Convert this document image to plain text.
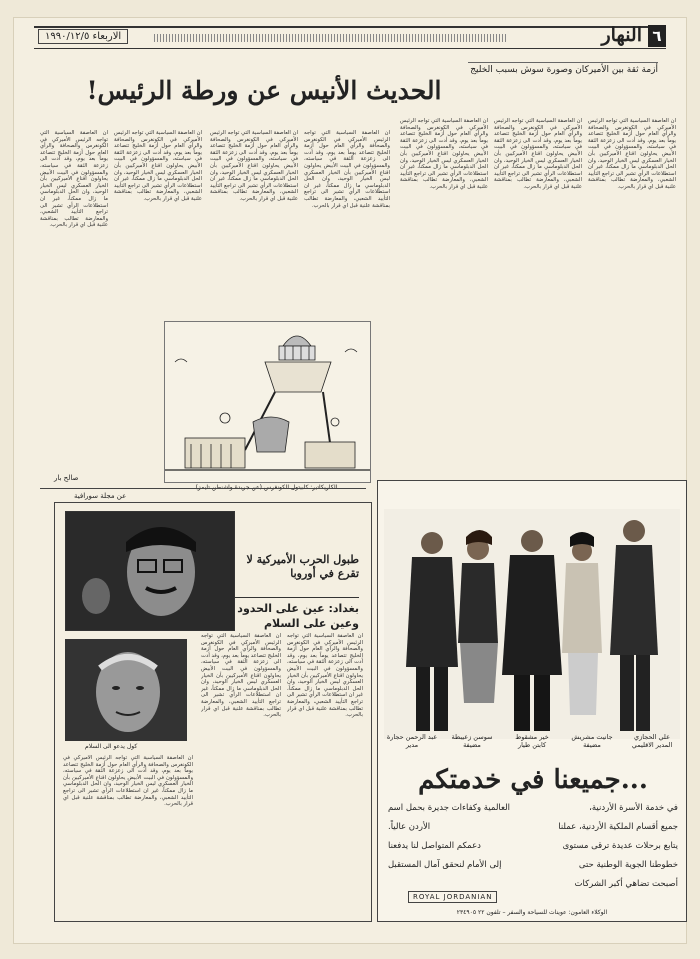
الاربعاء ١٩٩٠/١٢/٥	النهار ٦
أزمة ثقة بين الأميركان وصورة سوش بسبب الخليج
الحديث الأنيس عن ورطة الرئيس!

ان العاصفة السياسية التي تواجه الرئيس الأميركي في الكونغرس والصحافة والرأي العام حول أزمة الخليج تتصاعد يوماً بعد يوم، وقد أدت الى زعزعة الثقة في سياسته، والمسؤولون في البيت الأبيض يحاولون اقناع الأميركيين بأن الخيار العسكري ليس الخيار الوحيد، وان الحل الدبلوماسي ما زال ممكناً، غير ان استطلاعات الرأي تشير الى تراجع التأييد الشعبي، والمعارضة تطالب بمناقشة علنية قبل اي قرار بالحرب.

ان العاصفة السياسية التي تواجه الرئيس الأميركي في الكونغرس والصحافة والرأي العام حول أزمة الخليج تتصاعد يوماً بعد يوم، وقد أدت الى زعزعة الثقة في سياسته، والمسؤولون في البيت الأبيض يحاولون اقناع الأميركيين بأن الخيار العسكري ليس الخيار الوحيد، وان الحل الدبلوماسي ما زال ممكناً، غير ان استطلاعات الرأي تشير الى تراجع التأييد الشعبي، والمعارضة تطالب بمناقشة علنية قبل اي قرار بالحرب.

ان العاصفة السياسية التي تواجه الرئيس الأميركي في الكونغرس والصحافة والرأي العام حول أزمة الخليج تتصاعد يوماً بعد يوم، وقد أدت الى زعزعة الثقة في سياسته، والمسؤولون في البيت الأبيض يحاولون اقناع الأميركيين بأن الخيار العسكري ليس الخيار الوحيد، وان الحل الدبلوماسي ما زال ممكناً، غير ان استطلاعات الرأي تشير الى تراجع التأييد الشعبي، والمعارضة تطالب بمناقشة علنية قبل اي قرار بالحرب.

ان العاصفة السياسية التي تواجه الرئيس الأميركي في الكونغرس والصحافة والرأي العام حول أزمة الخليج تتصاعد يوماً بعد يوم، وقد أدت الى زعزعة الثقة في سياسته، والمسؤولون في البيت الأبيض يحاولون اقناع الأميركيين بأن الخيار العسكري ليس الخيار الوحيد، وان الحل الدبلوماسي ما زال ممكناً، غير ان استطلاعات الرأي تشير الى تراجع التأييد الشعبي، والمعارضة تطالب بمناقشة علنية قبل اي قرار بالحرب.

ان العاصفة السياسية التي تواجه الرئيس الأميركي في الكونغرس والصحافة والرأي العام حول أزمة الخليج تتصاعد يوماً بعد يوم، وقد أدت الى زعزعة الثقة في سياسته، والمسؤولون في البيت الأبيض يحاولون اقناع الأميركيين بأن الخيار العسكري ليس الخيار الوحيد، وان الحل الدبلوماسي ما زال ممكناً، غير ان استطلاعات الرأي تشير الى تراجع التأييد الشعبي، والمعارضة تطالب بمناقشة علنية قبل اي قرار بالحرب.

ان العاصفة السياسية التي تواجه الرئيس الأميركي في الكونغرس والصحافة والرأي العام حول أزمة الخليج تتصاعد يوماً بعد يوم، وقد أدت الى زعزعة الثقة في سياسته، والمسؤولون في البيت الأبيض يحاولون اقناع الأميركيين بأن الخيار العسكري ليس الخيار الوحيد، وان الحل الدبلوماسي ما زال ممكناً، غير ان استطلاعات الرأي تشير الى تراجع التأييد الشعبي، والمعارضة تطالب بمناقشة علنية قبل اي قرار بالحرب.

ان العاصفة السياسية التي تواجه الرئيس الأميركي في الكونغرس والصحافة والرأي العام حول أزمة الخليج تتصاعد يوماً بعد يوم، وقد أدت الى زعزعة الثقة في سياسته، والمسؤولون في البيت الأبيض يحاولون اقناع الأميركيين بأن الخيار العسكري ليس الخيار الوحيد، وان الحل الدبلوماسي ما زال ممكناً، غير ان استطلاعات الرأي تشير الى تراجع التأييد الشعبي، والمعارضة تطالب بمناقشة علنية قبل اي قرار بالحرب.

صالح بار
عن مجلة سورافية
طبول الحرب الأميركية لا تقرع في أوروبا
بغداد: عين على الحدود وعين على السلام
كول يدعو الى السلام

ان العاصفة السياسية التي تواجه الرئيس الأميركي في الكونغرس والصحافة والرأي العام حول أزمة الخليج تتصاعد يوماً بعد يوم، وقد أدت الى زعزعة الثقة في سياسته، والمسؤولون في البيت الأبيض يحاولون اقناع الأميركيين بأن الخيار العسكري ليس الخيار الوحيد، وان الحل الدبلوماسي ما زال ممكناً، غير ان استطلاعات الرأي تشير الى تراجع التأييد الشعبي، والمعارضة تطالب بمناقشة علنية قبل اي قرار بالحرب.

ان العاصفة السياسية التي تواجه الرئيس الأميركي في الكونغرس والصحافة والرأي العام حول أزمة الخليج تتصاعد يوماً بعد يوم، وقد أدت الى زعزعة الثقة في سياسته، والمسؤولون في البيت الأبيض يحاولون اقناع الأميركيين بأن الخيار العسكري ليس الخيار الوحيد، وان الحل الدبلوماسي ما زال ممكناً، غير ان استطلاعات الرأي تشير الى تراجع التأييد الشعبي، والمعارضة تطالب بمناقشة علنية قبل اي قرار بالحرب.

ان العاصفة السياسية التي تواجه الرئيس الأميركي في الكونغرس والصحافة والرأي العام حول أزمة الخليج تتصاعد يوماً بعد يوم، وقد أدت الى زعزعة الثقة في سياسته، والمسؤولون في البيت الأبيض يحاولون اقناع الأميركيين بأن الخيار العسكري ليس الخيار الوحيد، وان الحل الدبلوماسي ما زال ممكناً، غير ان استطلاعات الرأي تشير الى تراجع التأييد الشعبي، والمعارضة تطالب بمناقشة علنية قبل اي قرار بالحرب.

علي الحجازي
المدير الاقليمي
جانيت مشريش
مضيفة
خير مشقوط
كابتن طيار
سوسن زعيبطة
مضيفة
عبد الرحمن حجارة
مدير
...جميعنا في خدمتكم
في خدمة الأسرة الأردنية،
العالمية وكفاءات جديرة بحمل اسم
جميع أقسام الملكية الأردنية، عملنا
الأردن عالياً.
يتابع برحلات عديدة ترقى مستوى
دعمكم المتواصل لنا يدفعنا
خطوطنا الجوية الوطنية حتى
إلى الأمام لنحقق آمال المستقبل
أصبحت تضاهي أكبر الشركات
ROYAL JORDANIAN
الوكلاء العامون: عوينات للسياحة والسفر – تلفون ٢٢ ٢٣٤٩٠٥
